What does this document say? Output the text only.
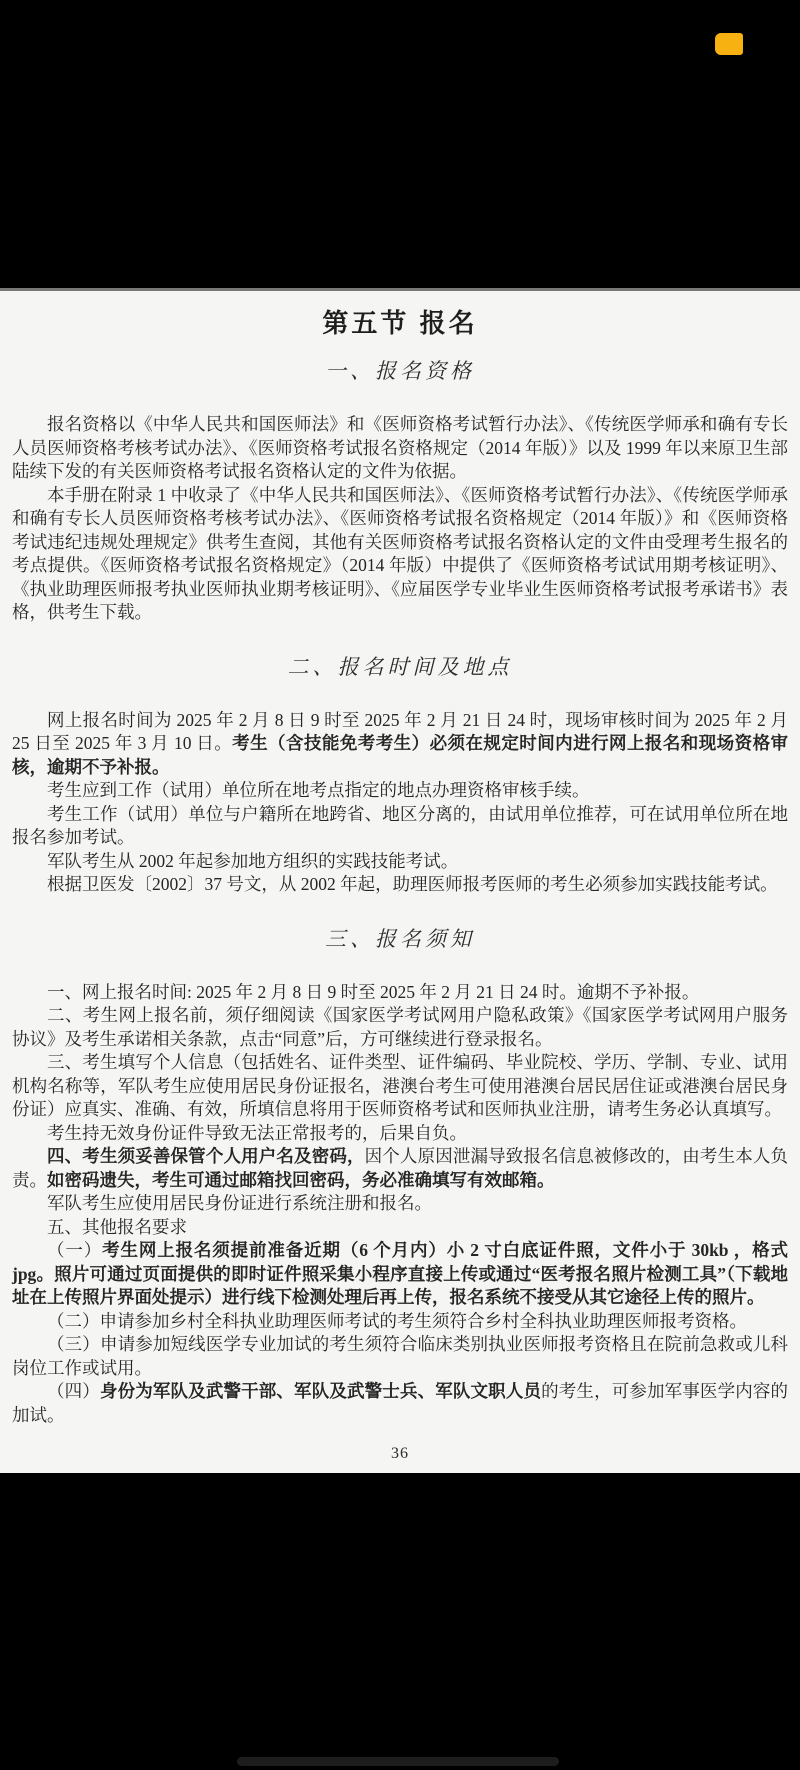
第五节 报名
一、报名资格

报名资格以《中华人民共和国医师法》和《医师资格考试暂行办法》、《传统医学师承和确有专长人员医师资格考核考试办法》、《医师资格考试报名资格规定（2014 年版）》以及 1999 年以来原卫生部陆续下发的有关医师资格考试报名资格认定的文件为依据。

本手册在附录 1 中收录了《中华人民共和国医师法》、《医师资格考试暂行办法》、《传统医学师承和确有专长人员医师资格考核考试办法》、《医师资格考试报名资格规定（2014 年版）》和《医师资格考试违纪违规处理规定》供考生查阅，其他有关医师资格考试报名资格认定的文件由受理考生报名的考点提供。《医师资格考试报名资格规定》（2014 年版）中提供了《医师资格考试试用期考核证明》、《执业助理医师报考执业医师执业期考核证明》、《应届医学专业毕业生医师资格考试报考承诺书》表格，供考生下载。

二、报名时间及地点

网上报名时间为 2025 年 2 月 8 日 9 时至 2025 年 2 月 21 日 24 时，现场审核时间为 2025 年 2 月 25 日至 2025 年 3 月 10 日。考生（含技能免考考生）必须在规定时间内进行网上报名和现场资格审核，逾期不予补报。

考生应到工作（试用）单位所在地考点指定的地点办理资格审核手续。

考生工作（试用）单位与户籍所在地跨省、地区分离的，由试用单位推荐，可在试用单位所在地报名参加考试。

军队考生从 2002 年起参加地方组织的实践技能考试。

根据卫医发〔2002〕37 号文，从 2002 年起，助理医师报考医师的考生必须参加实践技能考试。

三、报名须知

一、网上报名时间: 2025 年 2 月 8 日 9 时至 2025 年 2 月 21 日 24 时。逾期不予补报。

二、考生网上报名前，须仔细阅读《国家医学考试网用户隐私政策》《国家医学考试网用户服务协议》及考生承诺相关条款，点击“同意”后，方可继续进行登录报名。

三、考生填写个人信息（包括姓名、证件类型、证件编码、毕业院校、学历、学制、专业、试用机构名称等，军队考生应使用居民身份证报名，港澳台考生可使用港澳台居民居住证或港澳台居民身份证）应真实、准确、有效，所填信息将用于医师资格考试和医师执业注册，请考生务必认真填写。

考生持无效身份证件导致无法正常报考的，后果自负。

四、考生须妥善保管个人用户名及密码，因个人原因泄漏导致报名信息被修改的，由考生本人负责。如密码遗失，考生可通过邮箱找回密码，务必准确填写有效邮箱。

军队考生应使用居民身份证进行系统注册和报名。

五、其他报名要求

（一）考生网上报名须提前准备近期（6 个月内）小 2 寸白底证件照，文件小于 30kb ，格式 jpg。照片可通过页面提供的即时证件照采集小程序直接上传或通过“医考报名照片检测工具”（下载地址在上传照片界面处提示）进行线下检测处理后再上传，报名系统不接受从其它途径上传的照片。

（二）申请参加乡村全科执业助理医师考试的考生须符合乡村全科执业助理医师报考资格。

（三）申请参加短线医学专业加试的考生须符合临床类别执业医师报考资格且在院前急救或儿科岗位工作或试用。

（四）身份为军队及武警干部、军队及武警士兵、军队文职人员的考生，可参加军事医学内容的加试。

36
